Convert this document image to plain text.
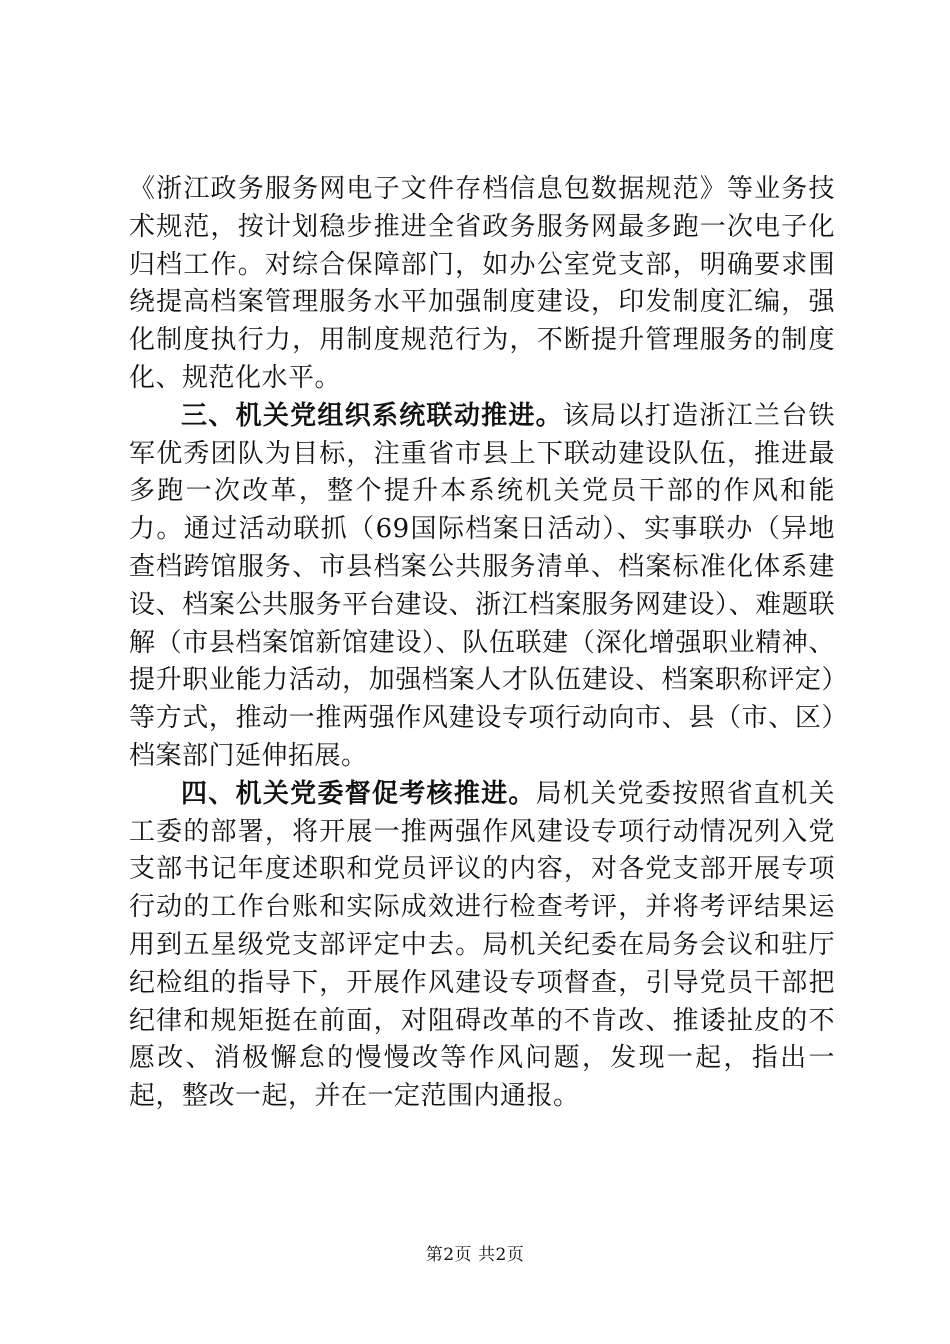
《浙江政务服务网电子文件存档信息包数据规范》等业务技术规范，按计划稳步推进全省政务服务网最多跑一次电子化归档工作。对综合保障部门，如办公室党支部，明确要求围绕提高档案管理服务水平加强制度建设，印发制度汇编，强化制度执行力，用制度规范行为，不断提升管理服务的制度化、规范化水平。

三、机关党组织系统联动推进。该局以打造浙江兰台铁军优秀团队为目标，注重省市县上下联动建设队伍，推进最多跑一次改革，整个提升本系统机关党员干部的作风和能力。通过活动联抓（69国际档案日活动）、实事联办（异地查档跨馆服务、市县档案公共服务清单、档案标准化体系建设、档案公共服务平台建设、浙江档案服务网建设）、难题联解（市县档案馆新馆建设）、队伍联建（深化增强职业精神、提升职业能力活动，加强档案人才队伍建设、档案职称评定）等方式，推动一推两强作风建设专项行动向市、县（市、区）档案部门延伸拓展。

四、机关党委督促考核推进。局机关党委按照省直机关工委的部署，将开展一推两强作风建设专项行动情况列入党支部书记年度述职和党员评议的内容，对各党支部开展专项行动的工作台账和实际成效进行检查考评，并将考评结果运用到五星级党支部评定中去。局机关纪委在局务会议和驻厅纪检组的指导下，开展作风建设专项督查，引导党员干部把纪律和规矩挺在前面，对阻碍改革的不肯改、推诿扯皮的不愿改、消极懈怠的慢慢改等作风问题，发现一起，指出一起，整改一起，并在一定范围内通报。

第2页 共2页
